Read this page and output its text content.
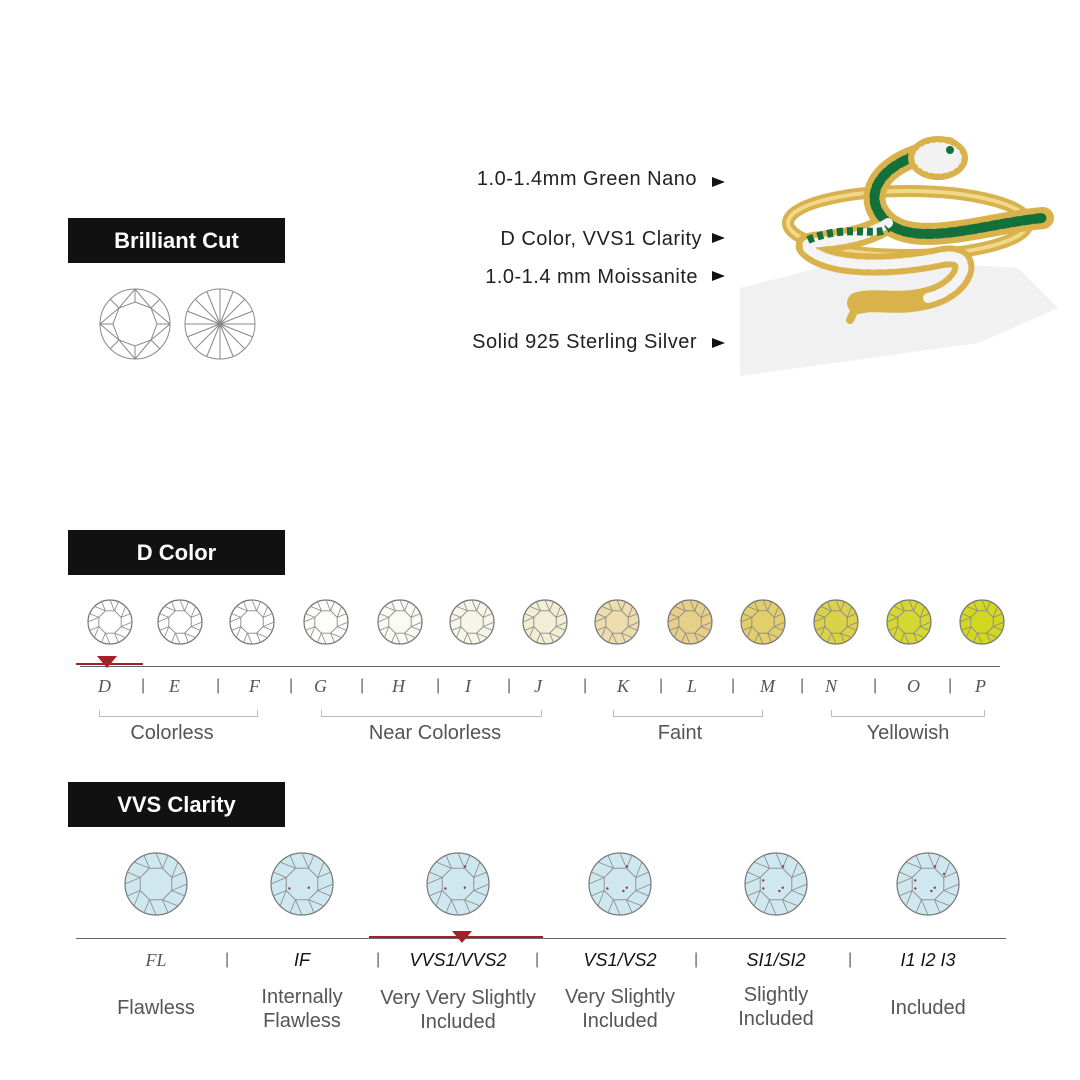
Brilliant Cut
1.0-1.4mm Green Nano
D Color, VVS1 Clarity
1.0-1.4 mm Moissanite
Solid 925 Sterling Silver
D Color
D | E | F | G | H | I | J	| K | L | M | N | O | P
Colorless	Near Colorless	Faint	Yellowish
VVS Clarity
FL
Flawless
|	IF
Internally
Flawless
|	VVS1/VVS2
Very Very Slightly
Included
|	VS1/VS2
Very Slightly
Included
|	SI1/SI2
Slightly
Included
|	I1 I2 I3
Included
